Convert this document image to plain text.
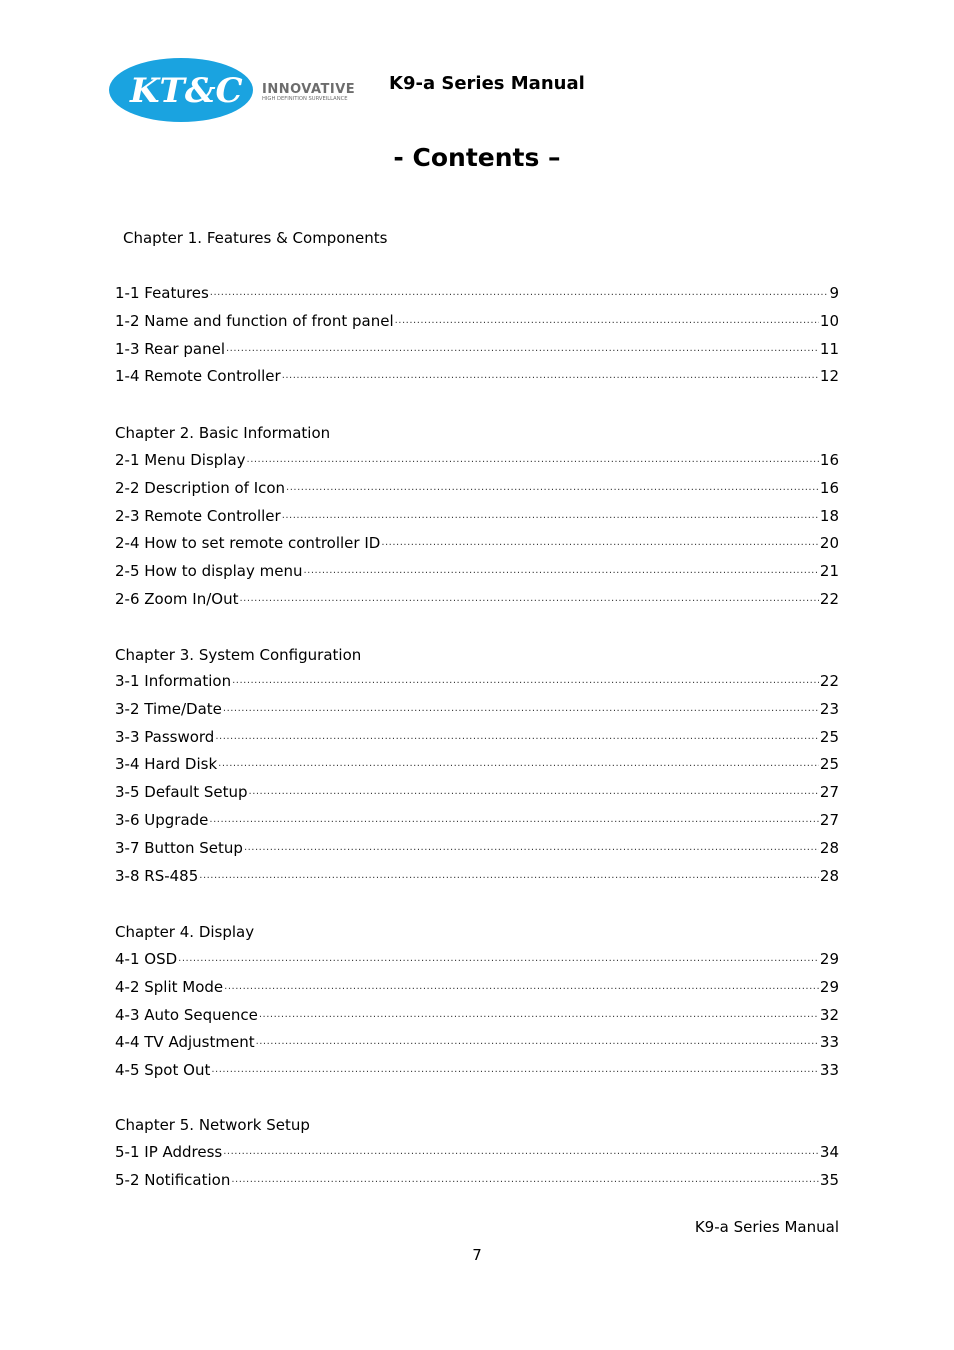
KT&C INNOVATIVE
HIGH DEFINITION SURVEILLANCE
K9-a Series Manual
- Contents –
Chapter 1. Features & Components
1-1 Features .....	9
1-2 Name and function of front panel .....	10
1-3 Rear panel .....	11
1-4 Remote Controller .....	12
Chapter 2. Basic Information
2-1 Menu Display .....	16
2-2 Description of Icon .....	16
2-3 Remote Controller .....	18
2-4 How to set remote controller ID .....	20
2-5 How to display menu .....	21
2-6 Zoom In/Out .....	22
Chapter 3. System Configuration
3-1 Information .....	22
3-2 Time/Date .....	23
3-3 Password .....	25
3-4 Hard Disk .....	25
3-5 Default Setup .....	27
3-6 Upgrade .....	27
3-7 Button Setup .....	28
3-8 RS-485 .....	28
Chapter 4. Display
4-1 OSD .....	29
4-2 Split Mode .....	29
4-3 Auto Sequence .....	32
4-4 TV Adjustment .....	33
4-5 Spot Out .....	33
Chapter 5. Network Setup
5-1 IP Address .....	34
5-2 Notification .....	35
K9-a Series Manual
7
